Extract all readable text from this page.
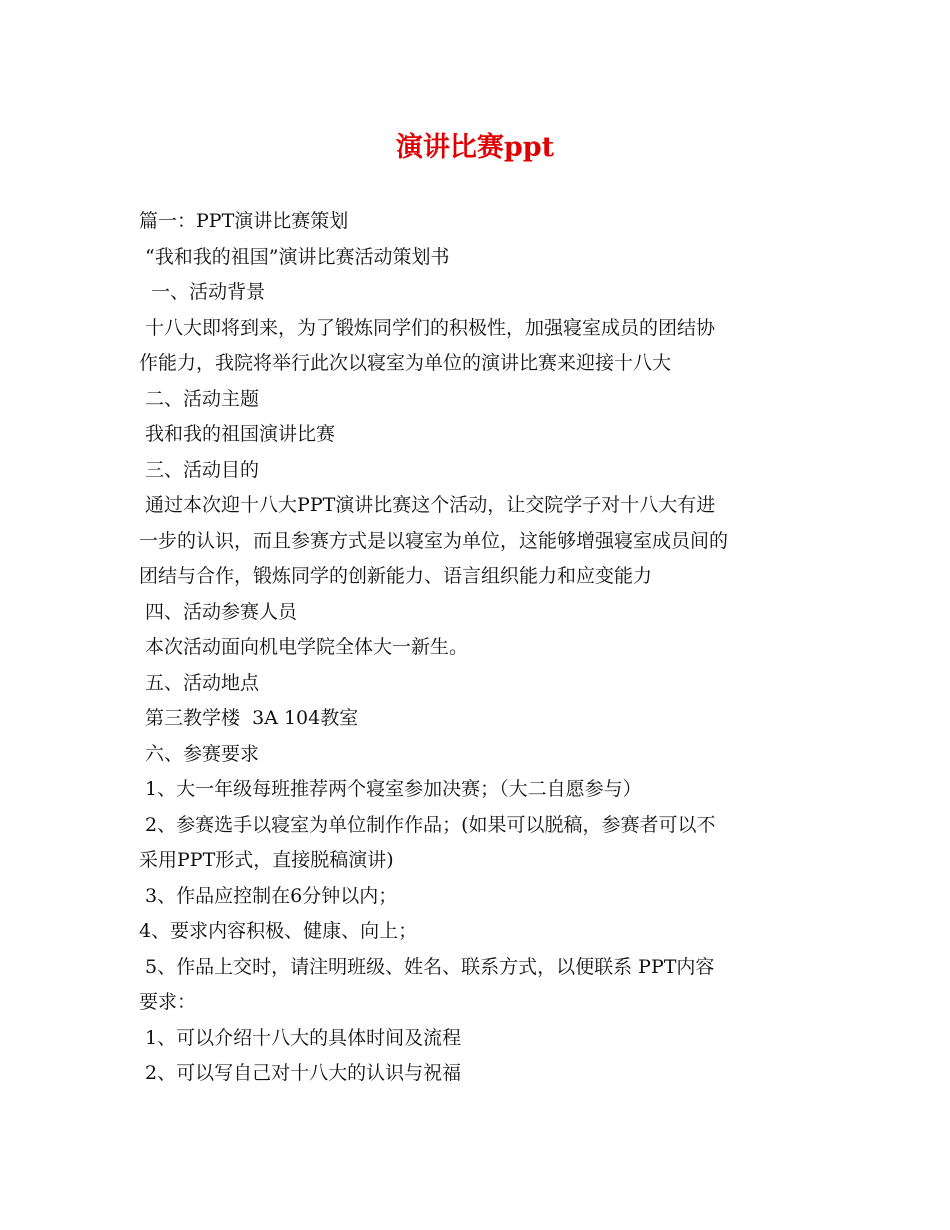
演讲比赛ppt

篇一：PPT演讲比赛策划

“我和我的祖国”演讲比赛活动策划书

一、活动背景

十八大即将到来，为了锻炼同学们的积极性，加强寝室成员的团结协

作能力，我院将举行此次以寝室为单位的演讲比赛来迎接十八大

二、活动主题

我和我的祖国演讲比赛

三、活动目的

通过本次迎十八大PPT演讲比赛这个活动，让交院学子对十八大有进

一步的认识，而且参赛方式是以寝室为单位，这能够增强寝室成员间的

团结与合作，锻炼同学的创新能力、语言组织能力和应变能力

四、活动参赛人员

本次活动面向机电学院全体大一新生。

五、活动地点

第三教学楼  3A 104教室

六、参赛要求

1、大一年级每班推荐两个寝室参加决赛；（大二自愿参与）

2、参赛选手以寝室为单位制作作品；(如果可以脱稿，参赛者可以不

采用PPT形式，直接脱稿演讲)

3、作品应控制在6分钟以内；

4、要求内容积极、健康、向上；

5、作品上交时，请注明班级、姓名、联系方式，以便联系 PPT内容

要求：

1、可以介绍十八大的具体时间及流程

2、可以写自己对十八大的认识与祝福
